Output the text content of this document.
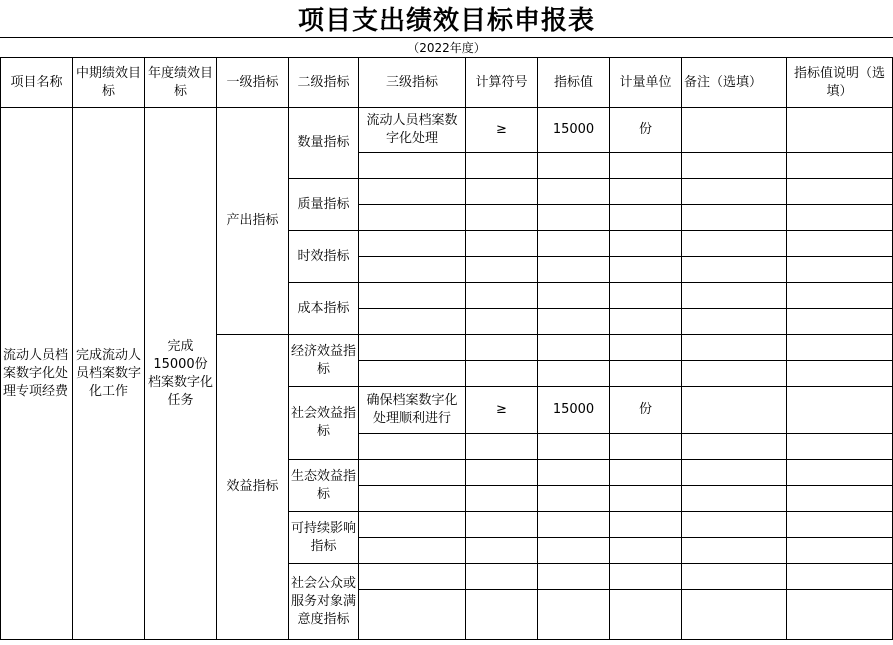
项目支出绩效目标申报表
（2022年度）
项目名称	中期绩效目标	年度绩效目标	一级指标	二级指标	三级指标	计算符号	指标值	计量单位	备注（选填）	指标值说明（选填）
流动人员档案数字化处理专项经费	完成流动人员档案数字化工作	完成15000份档案数字化任务	产出指标	数量指标	流动人员档案数字化处理	≥	15000	份		

				质量指标						

				时效指标						

				成本指标						

			效益指标	经济效益指标						

				社会效益指标	确保档案数字化处理顺利进行	≥	15000	份		

				生态效益指标						

				可持续影响指标						

				社会公众或服务对象满意度指标						
